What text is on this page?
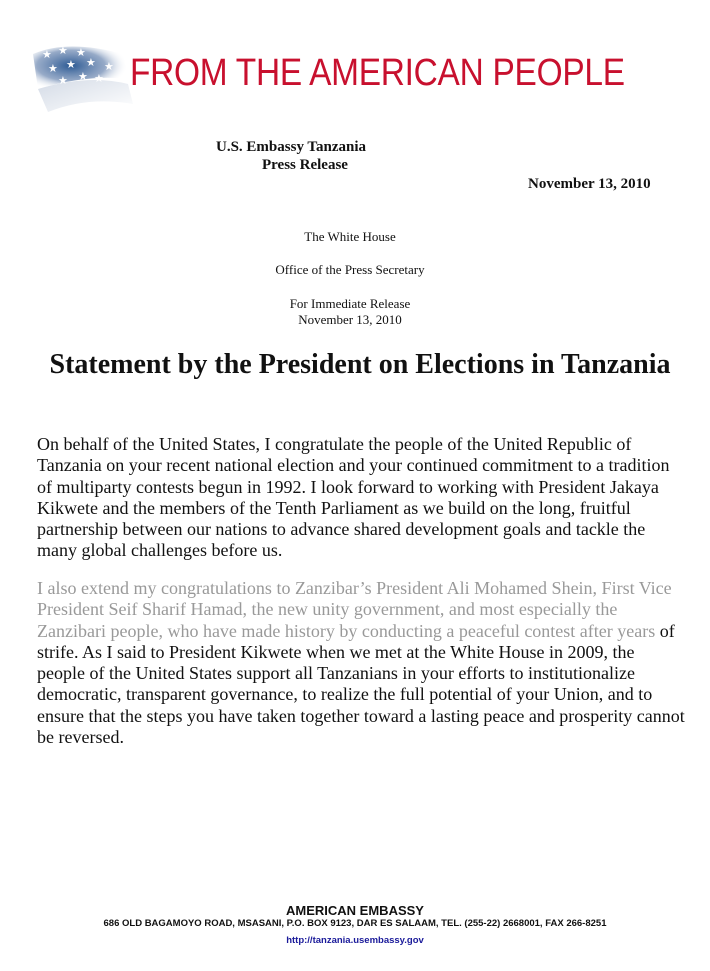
★ ★ ★
★ ★ ★ ★
★ ★ ★ FROM THE AMERICAN PEOPLE
U.S. Embassy Tanzania
Press Release
November 13, 2010
The White House
Office of the Press Secretary
For Immediate Release
November 13, 2010
Statement by the President on Elections in Tanzania
On behalf of the United States, I congratulate the people of the United Republic of Tanzania on your recent national election and your continued commitment to a tradition of multiparty contests begun in 1992. I look forward to working with President Jakaya Kikwete and the members of the Tenth Parliament as we build on the long, fruitful partnership between our nations to advance shared development goals and tackle the many global challenges before us.
I also extend my congratulations to Zanzibar’s President Ali Mohamed Shein, First Vice President Seif Sharif Hamad, the new unity government, and most especially the Zanzibari people, who have made history by conducting a peaceful contest after years of strife. As I said to President Kikwete when we met at the White House in 2009, the people of the United States support all Tanzanians in your efforts to institutionalize democratic, transparent governance, to realize the full potential of your Union, and to ensure that the steps you have taken together toward a lasting peace and prosperity cannot be reversed.
AMERICAN EMBASSY
686 OLD BAGAMOYO ROAD, MSASANI, P.O. BOX 9123, DAR ES SALAAM, TEL. (255-22) 2668001, FAX 266-8251
http://tanzania.usembassy.gov
